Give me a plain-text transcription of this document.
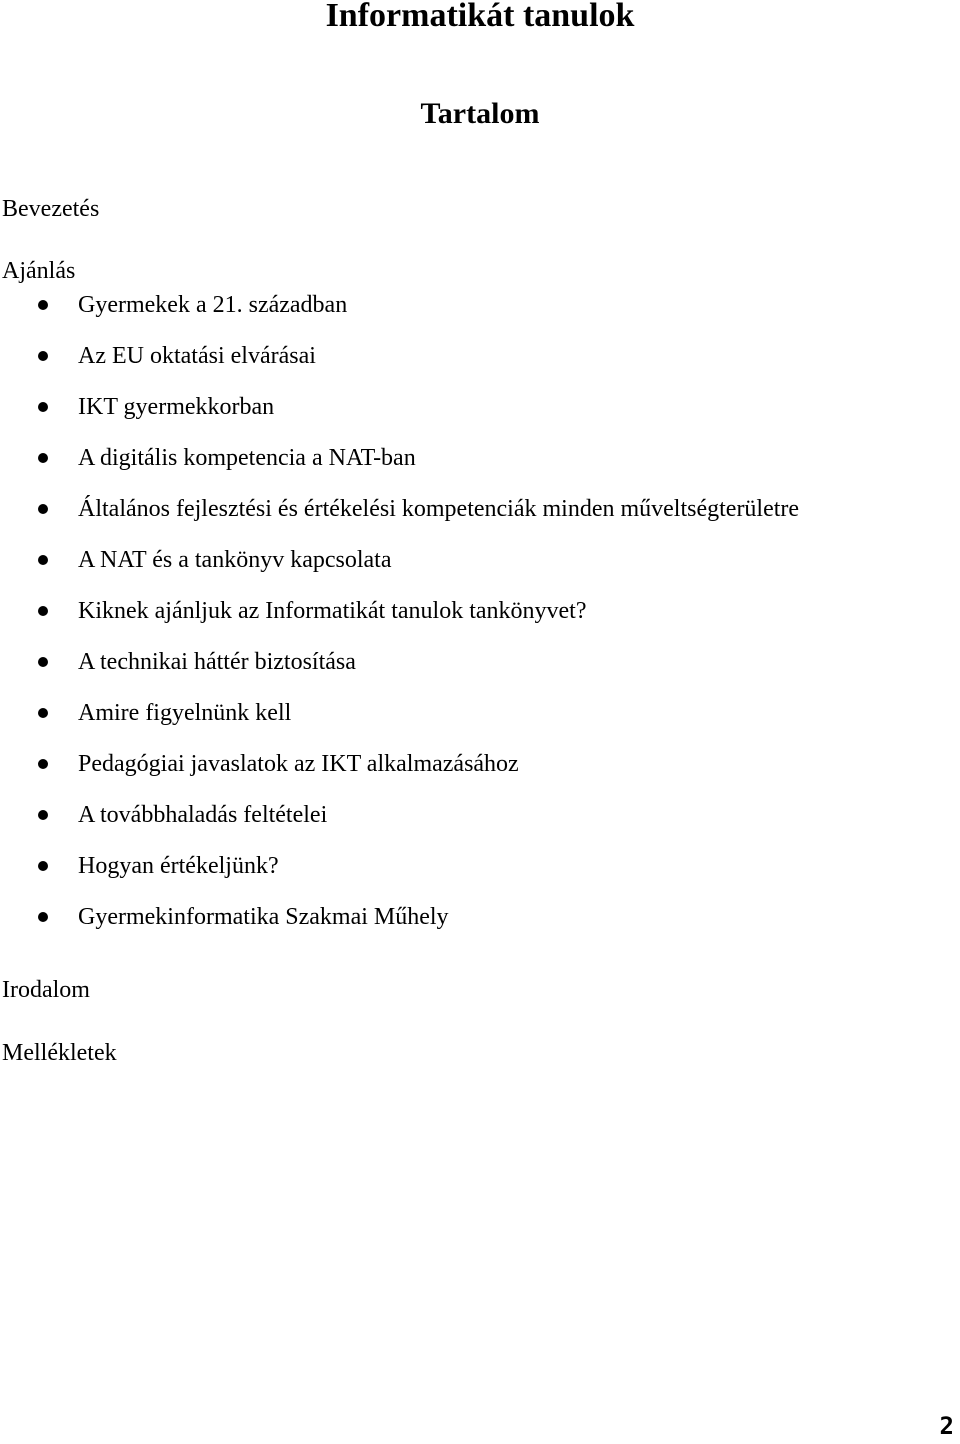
Informatikát tanulok
Tartalom

Bevezetés

Ajánlás

Gyermekek a 21. században
Az EU oktatási elvárásai
IKT gyermekkorban
A digitális kompetencia a NAT-ban
Általános fejlesztési és értékelési kompetenciák minden műveltségterületre
A NAT és a tankönyv kapcsolata
Kiknek ajánljuk az Informatikát tanulok tankönyvet?
A technikai háttér biztosítása
Amire figyelnünk kell
Pedagógiai javaslatok az IKT alkalmazásához
A továbbhaladás feltételei
Hogyan értékeljünk?
Gyermekinformatika Szakmai Műhely

Irodalom

Mellékletek

2
